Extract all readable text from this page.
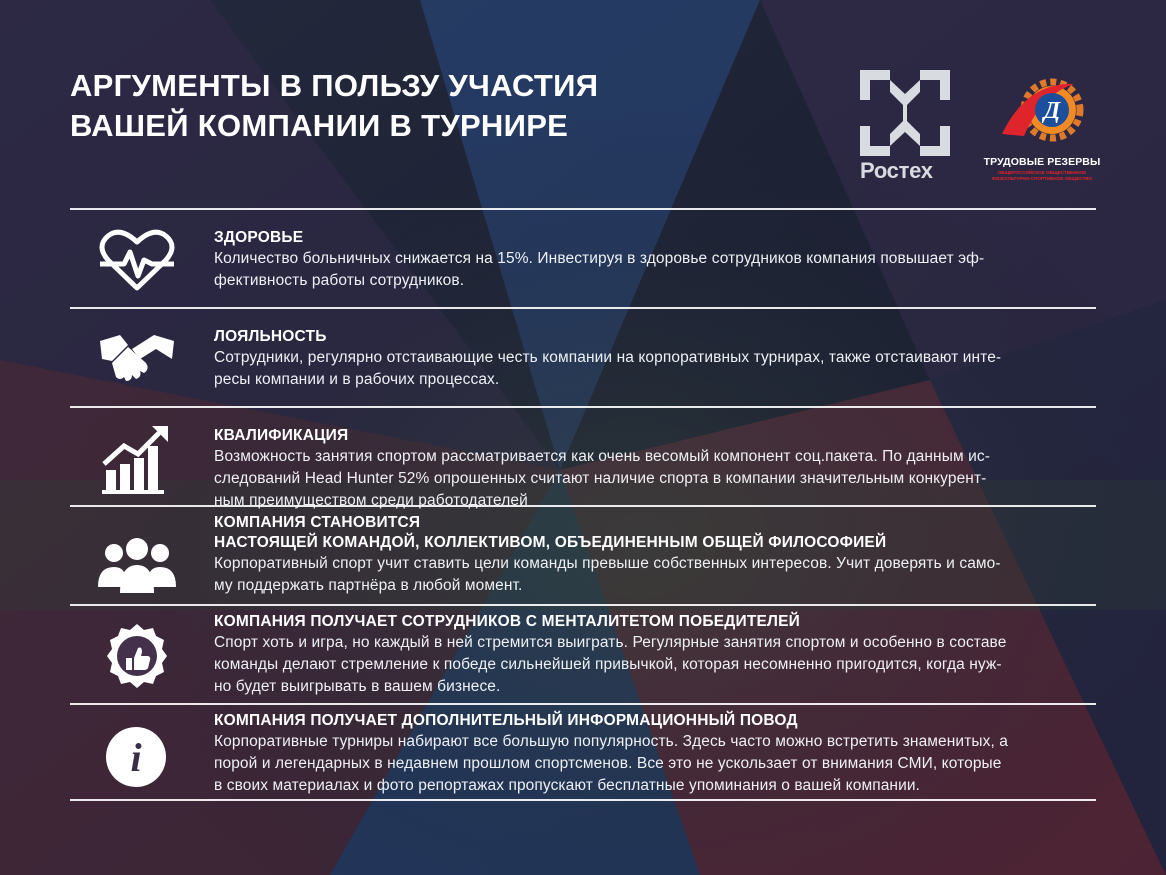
АРГУМЕНТЫ В ПОЛЬЗУ УЧАСТИЯ
ВАШЕЙ КОМПАНИИ В ТУРНИРЕ
Ростех
Д
ТРУДОВЫЕ РЕЗЕРВЫ
ОБЩЕРОССИЙСКОЕ ОБЩЕСТВЕННОЕ
ФИЗКУЛЬТУРНО-СПОРТИВНОЕ ОБЩЕСТВО
ЗДОРОВЬЕ
Количество больничных снижается на 15%. Инвестируя в здоровье сотрудников компания повышает эф-
фективность работы сотрудников.
ЛОЯЛЬНОСТЬ
Сотрудники, регулярно отстаивающие честь компании на корпоративных турнирах, также отстаивают инте-
ресы компании и в рабочих процессах.
КВАЛИФИКАЦИЯ
Возможность занятия спортом рассматривается как очень весомый компонент соц.пакета. По данным ис-
следований Head Hunter 52% опрошенных считают наличие спорта в компании значительным конкурент-
ным преимуществом среди работодателей
КОМПАНИЯ СТАНОВИТСЯ
НАСТОЯЩЕЙ КОМАНДОЙ, КОЛЛЕКТИВОМ, ОБЪЕДИНЕННЫМ ОБЩЕЙ ФИЛОСОФИЕЙ
Корпоративный спорт учит ставить цели команды превыше собственных интересов. Учит доверять и само-
му поддержать партнёра в любой момент.
КОМПАНИЯ ПОЛУЧАЕТ СОТРУДНИКОВ С МЕНТАЛИТЕТОМ ПОБЕДИТЕЛЕЙ
Спорт хоть и игра, но каждый в ней стремится выиграть. Регулярные занятия спортом и особенно в составе
команды делают стремление к победе сильнейшей привычкой, которая несомненно пригодится, когда нуж-
но будет выигрывать в вашем бизнесе.
i
КОМПАНИЯ ПОЛУЧАЕТ ДОПОЛНИТЕЛЬНЫЙ ИНФОРМАЦИОННЫЙ ПОВОД
Корпоративные турниры набирают все большую популярность. Здесь часто можно встретить знаменитых, а
порой и легендарных в недавнем прошлом спортсменов. Все это не ускользает от внимания СМИ, которые
в своих материалах и фото репортажах пропускают бесплатные упоминания о вашей компании.
